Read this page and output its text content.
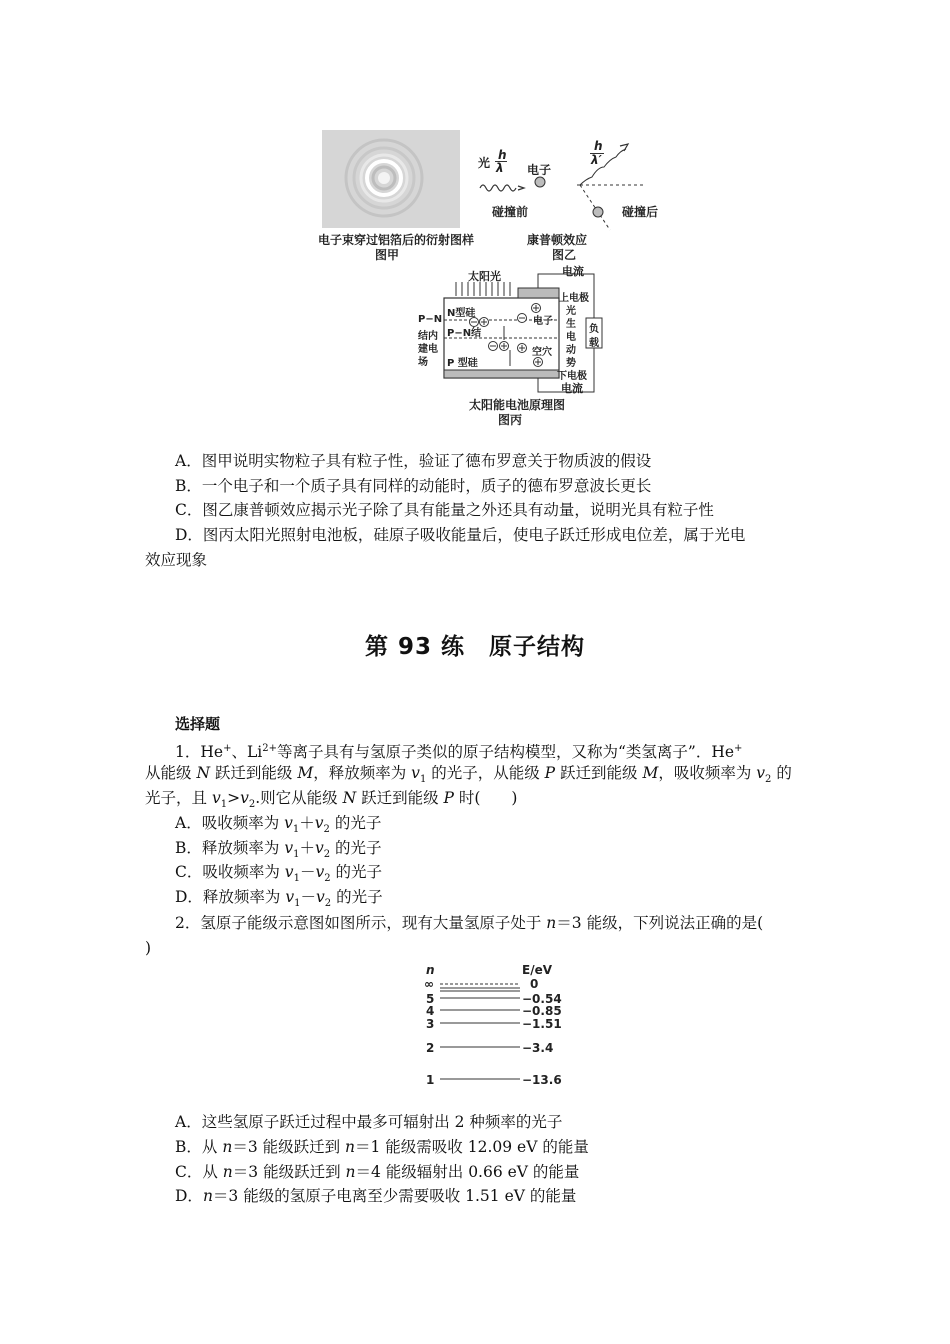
电子束穿过铝箔后的衍射图样
图甲
光
h
λ 电子
h
λ′
碰撞前	碰撞后
康普顿效应
图乙
太阳光	电流
N型硅
P−N结
P 型硅
电子
空穴
上电极
下电极
电流
光
生
电
动
势
负
载
P−N
结内
建电
场
太阳能电池原理图
图丙
A．图甲说明实物粒子具有粒子性，验证了德布罗意关于物质波的假设
B．一个电子和一个质子具有同样的动能时，质子的德布罗意波长更长
C．图乙康普顿效应揭示光子除了具有能量之外还具有动量，说明光具有粒子性
D．图丙太阳光照射电池板，硅原子吸收能量后，使电子跃迁形成电位差，属于光电
效应现象
第 93 练　原子结构
选择题
1．He+、$Li^{2+}$等离子具有与氢原子类似的原子结构模型，又称为“类氢离子”．He+
从能级 N 跃迁到能级 M，释放频率为 $v_1$ 的光子，从能级 P 跃迁到能级 M，吸收频率为 $v_2$ 的
光子，且 $v_1>v_2$.则它从能级 N 跃迁到能级 P 时(　　)
A．吸收频率为 $v_1+v_2$ 的光子
B．释放频率为 $v_1+v_2$ 的光子
C．吸收频率为 $v_1-v_2$ 的光子
D．释放频率为 $v_1-v_2$ 的光子
2．氢原子能级示意图如图所示，现有大量氢原子处于 n＝3 能级，下列说法正确的是(
)
n	E/eV
∞	0
5	−0.54
4	−0.85
3	−1.51
2	−3.4
1	−13.6
A．这些氢原子跃迁过程中最多可辐射出 2 种频率的光子
B．从 n＝3 能级跃迁到 n＝1 能级需吸收 12.09 eV 的能量
C．从 n＝3 能级跃迁到 n＝4 能级辐射出 0.66 eV 的能量
D．n＝3 能级的氢原子电离至少需要吸收 1.51 eV 的能量
